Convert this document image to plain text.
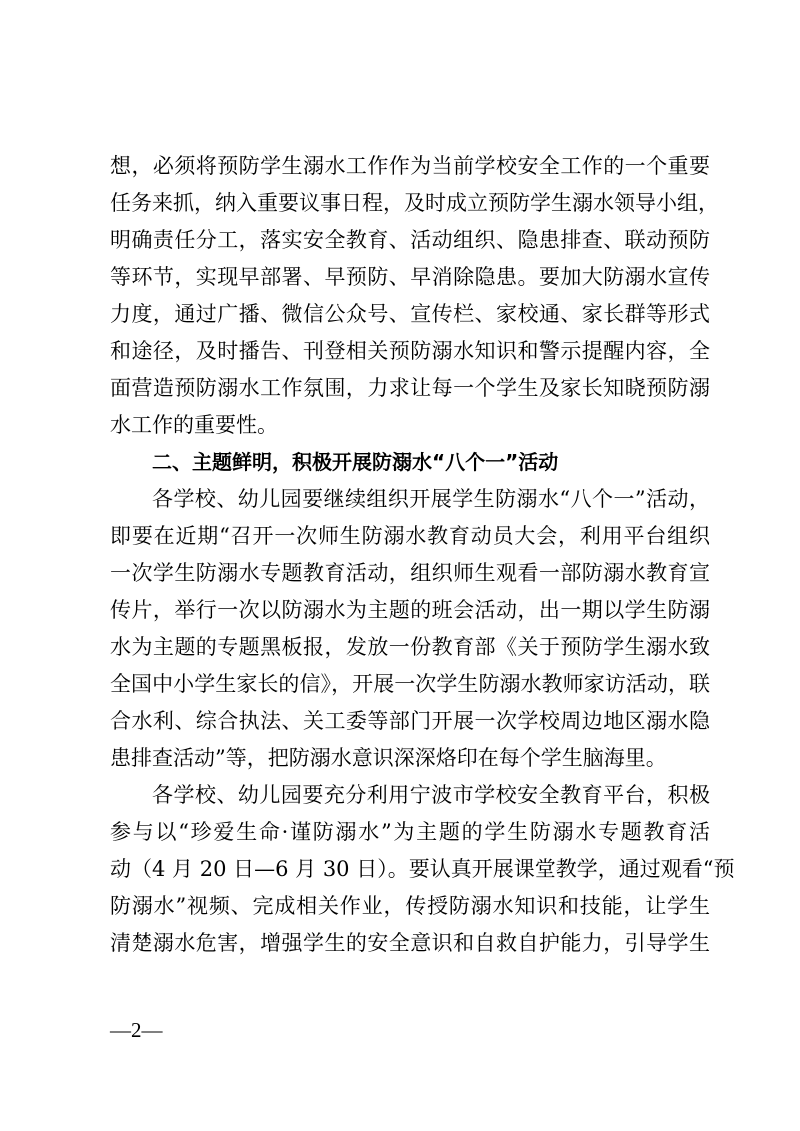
想，必须将预防学生溺水工作作为当前学校安全工作的一个重要
任务来抓，纳入重要议事日程，及时成立预防学生溺水领导小组，
明确责任分工，落实安全教育、活动组织、隐患排查、联动预防
等环节，实现早部署、早预防、早消除隐患。要加大防溺水宣传
力度，通过广播、微信公众号、宣传栏、家校通、家长群等形式
和途径，及时播告、刊登相关预防溺水知识和警示提醒内容，全
面营造预防溺水工作氛围，力求让每一个学生及家长知晓预防溺
水工作的重要性。
二、主题鲜明，积极开展防溺水“八个一”活动
各学校、幼儿园要继续组织开展学生防溺水“八个一”活动，
即要在近期“召开一次师生防溺水教育动员大会，利用平台组织
一次学生防溺水专题教育活动，组织师生观看一部防溺水教育宣
传片，举行一次以防溺水为主题的班会活动，出一期以学生防溺
水为主题的专题黑板报，发放一份教育部《关于预防学生溺水致
全国中小学生家长的信》，开展一次学生防溺水教师家访活动，联
合水利、综合执法、关工委等部门开展一次学校周边地区溺水隐
患排查活动”等，把防溺水意识深深烙印在每个学生脑海里。
各学校、幼儿园要充分利用宁波市学校安全教育平台，积极
参与以“珍爱生命·谨防溺水”为主题的学生防溺水专题教育活
动（4 月 20 日—6 月 30 日）。要认真开展课堂教学，通过观看“预
防溺水”视频、完成相关作业，传授防溺水知识和技能，让学生
清楚溺水危害，增强学生的安全意识和自救自护能力，引导学生
—2—
